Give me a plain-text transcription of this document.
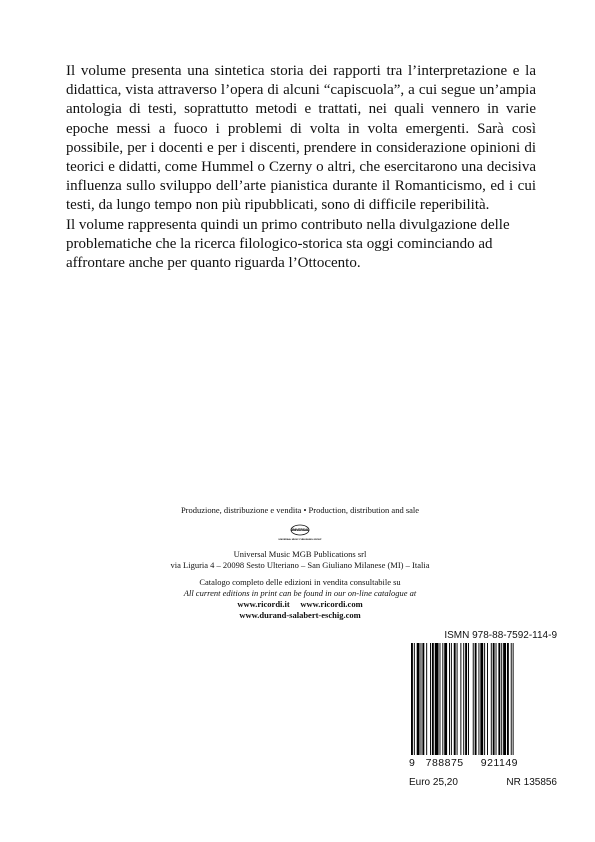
Il volume presenta una sintetica storia dei rapporti tra l’interpretazione e la didattica, vista attraverso l’opera di alcuni “capiscuola”, a cui segue un’ampia antologia di testi, soprattutto metodi e trattati, nei quali vennero in varie epoche messi a fuoco i problemi di volta in volta emergenti. Sarà così possibile, per i docenti e per i discenti, prendere in considerazione opinioni di teorici e didatti, come Hummel o Czerny o altri, che esercitarono una decisiva influenza sullo sviluppo dell’arte pianistica durante il Romanticismo, ed i cui testi, da lungo tempo non più ripubblicati, sono di difficile reperibilità.

Il volume rappresenta quindi un primo contributo nella divulgazione delle problematiche che la ricerca filologico-storica sta oggi cominciando ad affrontare anche per quanto riguarda l’Ottocento.

Produzione, distribuzione e vendita • Production, distribution and sale
UNIVERSAL
UNIVERSAL MUSIC PUBLISHING GROUP
Universal Music MGB Publications srl
via Liguria 4 – 20098 Sesto Ulteriano – San Giuliano Milanese (MI) – Italia
Catalogo completo delle edizioni in vendita consultabile su
All current editions in print can be found in our on-line catalogue at
www.ricordi.it     www.ricordi.com
www.durand-salabert-eschig.com
ISMN 978-88-7592-114-9
9 788875 921149
Euro 25,20	NR 135856
